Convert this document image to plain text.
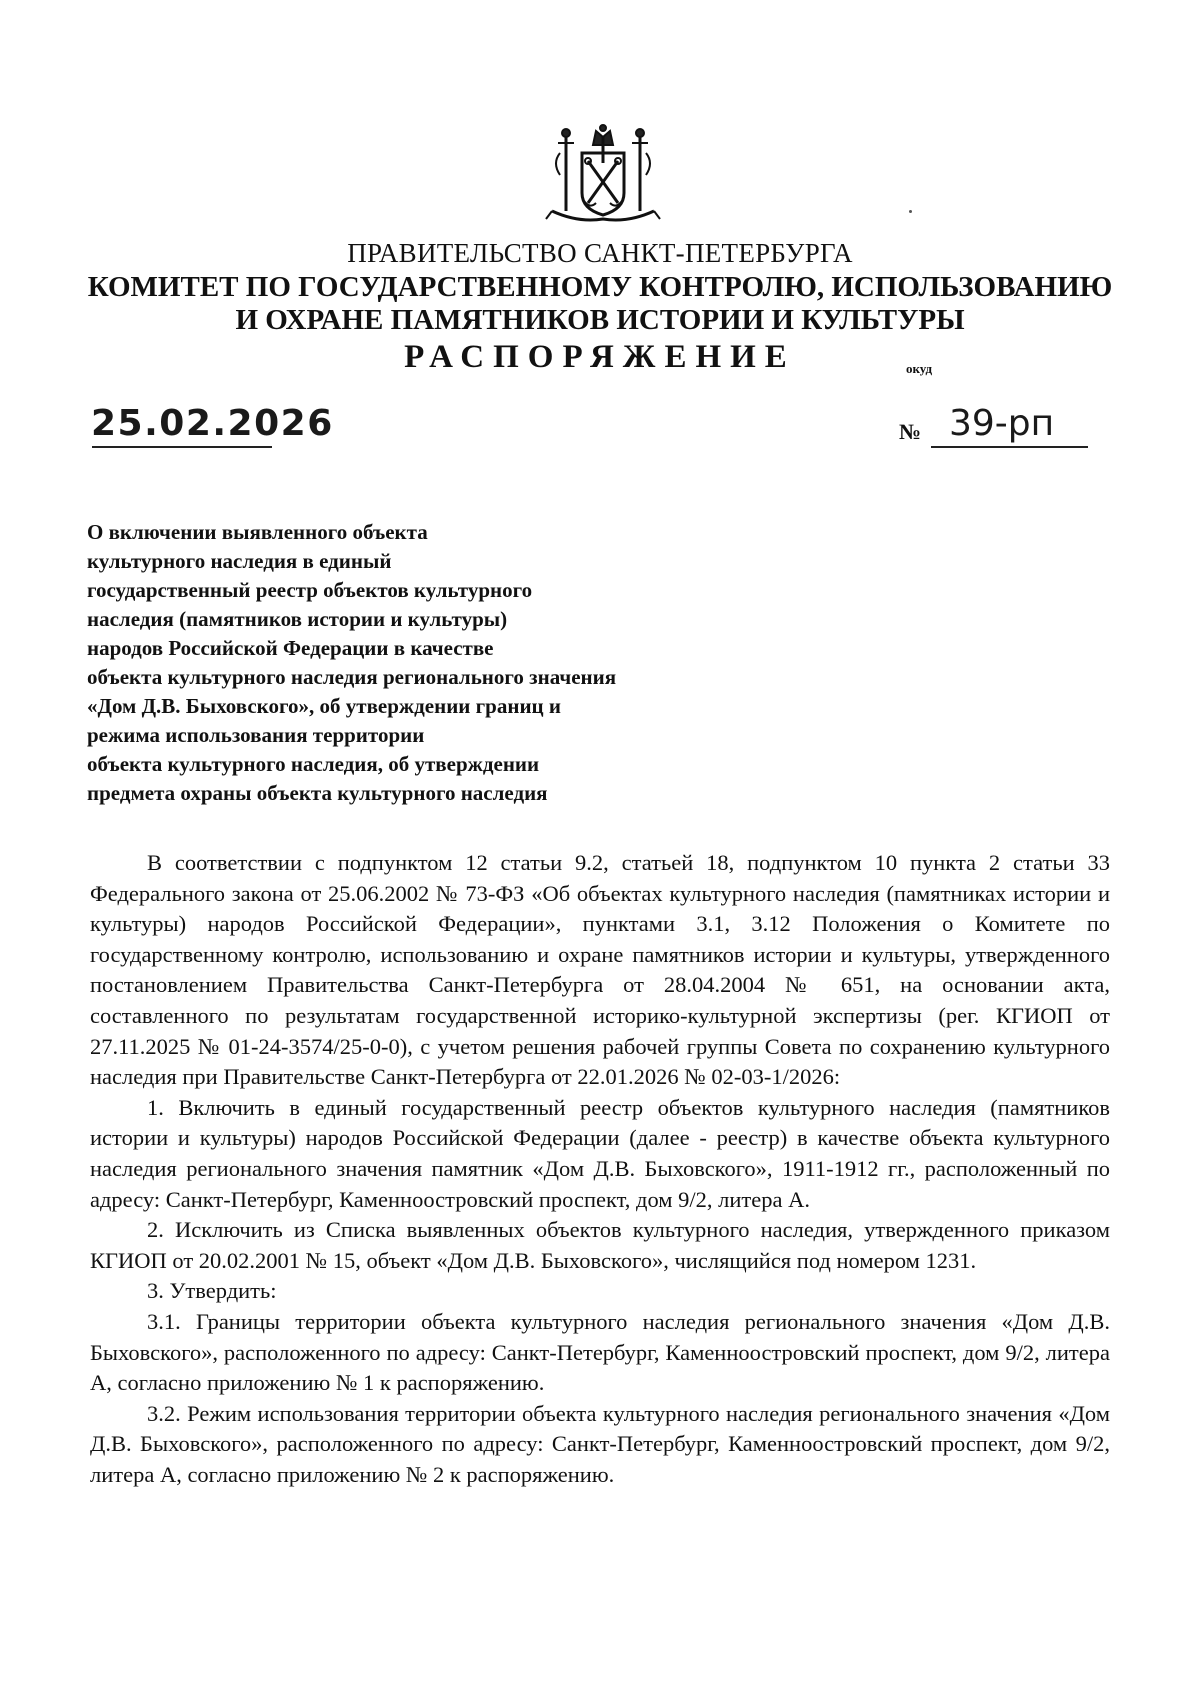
ПРАВИТЕЛЬСТВО САНКТ-ПЕТЕРБУРГА
КОМИТЕТ ПО ГОСУДАРСТВЕННОМУ КОНТРОЛЮ, ИСПОЛЬЗОВАНИЮ
И ОХРАНЕ ПАМЯТНИКОВ ИСТОРИИ И КУЛЬТУРЫ
РАСПОРЯЖЕНИЕ	окуд
25.02.2026	№ 39-рп
О включении выявленного объекта
культурного наследия в единый
государственный реестр объектов культурного
наследия (памятников истории и культуры)
народов Российской Федерации в качестве
объекта культурного наследия регионального значения
«Дом Д.В. Быховского», об утверждении границ и
режима использования территории
объекта культурного наследия, об утверждении
предмета охраны объекта культурного наследия

В соответствии с подпунктом 12 статьи 9.2, статьей 18, подпунктом 10 пункта 2 статьи 33 Федерального закона от 25.06.2002 № 73-ФЗ «Об объектах культурного наследия (памятниках истории и культуры) народов Российской Федерации», пунктами 3.1, 3.12 Положения о Комитете по государственному контролю, использованию и охране памятников истории и культуры, утвержденного постановлением Правительства Санкт-Петербурга от 28.04.2004 № 651, на основании акта, составленного по результатам государственной историко-культурной экспертизы (рег. КГИОП от 27.11.2025 № 01-24-3574/25-0-0), с учетом решения рабочей группы Совета по сохранению культурного наследия при Правительстве Санкт-Петербурга от 22.01.2026 № 02-03-1/2026:

1. Включить в единый государственный реестр объектов культурного наследия (памятников истории и культуры) народов Российской Федерации (далее - реестр) в качестве объекта культурного наследия регионального значения памятник «Дом Д.В. Быховского», 1911-1912 гг., расположенный по адресу: Санкт-Петербург, Каменноостровский проспект, дом 9/2, литера А.

2. Исключить из Списка выявленных объектов культурного наследия, утвержденного приказом КГИОП от 20.02.2001 № 15, объект «Дом Д.В. Быховского», числящийся под номером 1231.

3. Утвердить:

3.1. Границы территории объекта культурного наследия регионального значения «Дом Д.В. Быховского», расположенного по адресу: Санкт-Петербург, Каменноостровский проспект, дом 9/2, литера А, согласно приложению № 1 к распоряжению.

3.2. Режим использования территории объекта культурного наследия регионального значения «Дом Д.В. Быховского», расположенного по адресу: Санкт-Петербург, Каменноостровский проспект, дом 9/2, литера А, согласно приложению № 2 к распоряжению.
